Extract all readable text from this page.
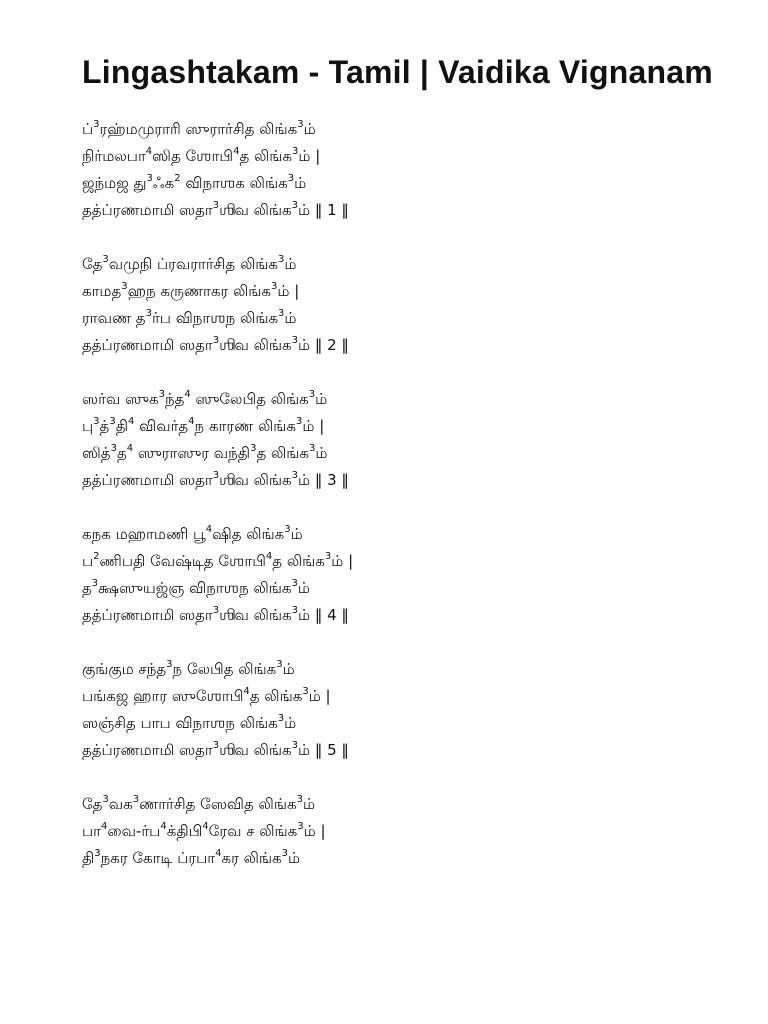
Lingashtakam - Tamil | Vaidika Vignanam
ப்$^3$ரஹ்மமுராரி ஸுரார்சித லிங்க$^3$ம்
நிர்மலபா$^4$ஸித ஶோபி$^4$த லிங்க$^3$ம் |
ஜந்மஜ து$^3$ஃக$^2$ விநாஶக லிங்க$^3$ம்
தத்ப்ரணமாமி ஸதா$^3$ஶிவ லிங்க$^3$ம் ‖ 1 ‖
தே$^3$வமுநி ப்ரவரார்சித லிங்க$^3$ம்
காமத$^3$ஹந கருணாகர லிங்க$^3$ம் |
ராவண த$^3$ர்ப விநாஶந லிங்க$^3$ம்
தத்ப்ரணமாமி ஸதா$^3$ஶிவ லிங்க$^3$ம் ‖ 2 ‖
ஸர்வ ஸுக$^3$ந்த$^4$ ஸுலேபித லிங்க$^3$ம்
பு$^3$த்$^3$தி$^4$ விவர்த$^4$ந காரண லிங்க$^3$ம் |
ஸித்$^3$த$^4$ ஸுராஸுர வந்தி$^3$த லிங்க$^3$ம்
தத்ப்ரணமாமி ஸதா$^3$ஶிவ லிங்க$^3$ம் ‖ 3 ‖
கநக மஹாமணி பூ$^4$ஷித லிங்க$^3$ம்
ப$^2$ணிபதி வேஷ்டித ஶோபி$^4$த லிங்க$^3$ம் |
த$^3$க்ஷஸுயஜ்ஞ விநாஶந லிங்க$^3$ம்
தத்ப்ரணமாமி ஸதா$^3$ஶிவ லிங்க$^3$ம் ‖ 4 ‖
குங்கும சந்த$^3$ந லேபித லிங்க$^3$ம்
பங்கஜ ஹார ஸுஶோபி$^4$த லிங்க$^3$ம் |
ஸஞ்சித பாப விநாஶந லிங்க$^3$ம்
தத்ப்ரணமாமி ஸதா$^3$ஶிவ லிங்க$^3$ம் ‖ 5 ‖
தே$^3$வக$^3$ணார்சித ஸேவித லிங்க$^3$ம்
பா$^4$வை-ர்ப$^4$க்திபி$^4$ரேவ ச லிங்க$^3$ம் |
தி$^3$நகர கோடி ப்ரபா$^4$கர லிங்க$^3$ம்
